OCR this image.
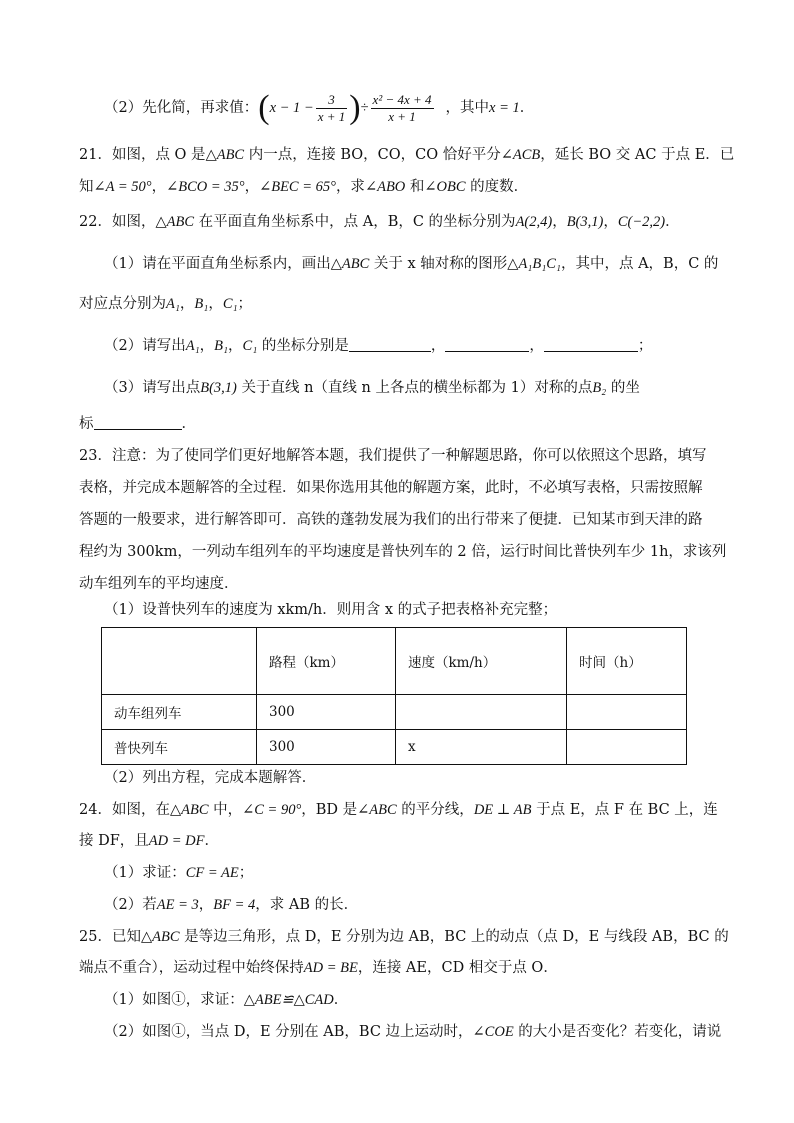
（2）先化简，再求值：($x - 1 - \frac{3}{x + 1}$ )÷ $\frac{\text{x² − 4x + 4}}{x + 1}$ ，其中x = 1．
21．如图，点 O 是△ABC 内一点，连接 BO，CO，CO 恰好平分∠ACB，延长 BO 交 AC 于点 E．已
知∠A = 50°，∠BCO = 35°，∠BEC = 65°，求∠ABO 和∠OBC 的度数．
22．如图，△ABC 在平面直角坐标系中，点 A，B，C 的坐标分别为A(2,4)，B(3,1)，C(−2,2)．
（1）请在平面直角坐标系内，画出△ABC 关于 x 轴对称的图形△A₁B₁C₁，其中，点 A，B，C 的
对应点分别为A₁，B₁，C₁；
（2）请写出A₁，B₁，C₁ 的坐标分别是	，	，	；
（3）请写出点B(3,1) 关于直线 n（直线 n 上各点的横坐标都为 1）对称的点B₂ 的坐
标	．
23．注意：为了使同学们更好地解答本题，我们提供了一种解题思路，你可以依照这个思路，填写
表格，并完成本题解答的全过程．如果你选用其他的解题方案，此时，不必填写表格，只需按照解
答题的一般要求，进行解答即可．高铁的蓬勃发展为我们的出行带来了便捷．已知某市到天津的路
程约为 300km，一列动车组列车的平均速度是普快列车的 2 倍，运行时间比普快列车少 1h，求该列
动车组列车的平均速度．
（1）设普快列车的速度为 xkm/h．则用含 x 的式子把表格补充完整；
	路程（km）	速度（km/h）	时间（h）
动车组列车	300		
普快列车	300	x	
（2）列出方程，完成本题解答．
24．如图，在△ABC 中，∠C = 90°，BD 是∠ABC 的平分线，DE ⊥ AB 于点 E，点 F 在 BC 上，连
接 DF，且AD = DF．
（1）求证：CF = AE；
（2）若AE = 3，BF = 4，求 AB 的长．
25．已知△ABC 是等边三角形，点 D，E 分别为边 AB，BC 上的动点（点 D，E 与线段 AB，BC 的
端点不重合），运动过程中始终保持AD = BE，连接 AE，CD 相交于点 O．
（1）如图①，求证：△ABE≌△CAD．
（2）如图①，当点 D，E 分别在 AB，BC 边上运动时，∠COE 的大小是否变化？若变化，请说
